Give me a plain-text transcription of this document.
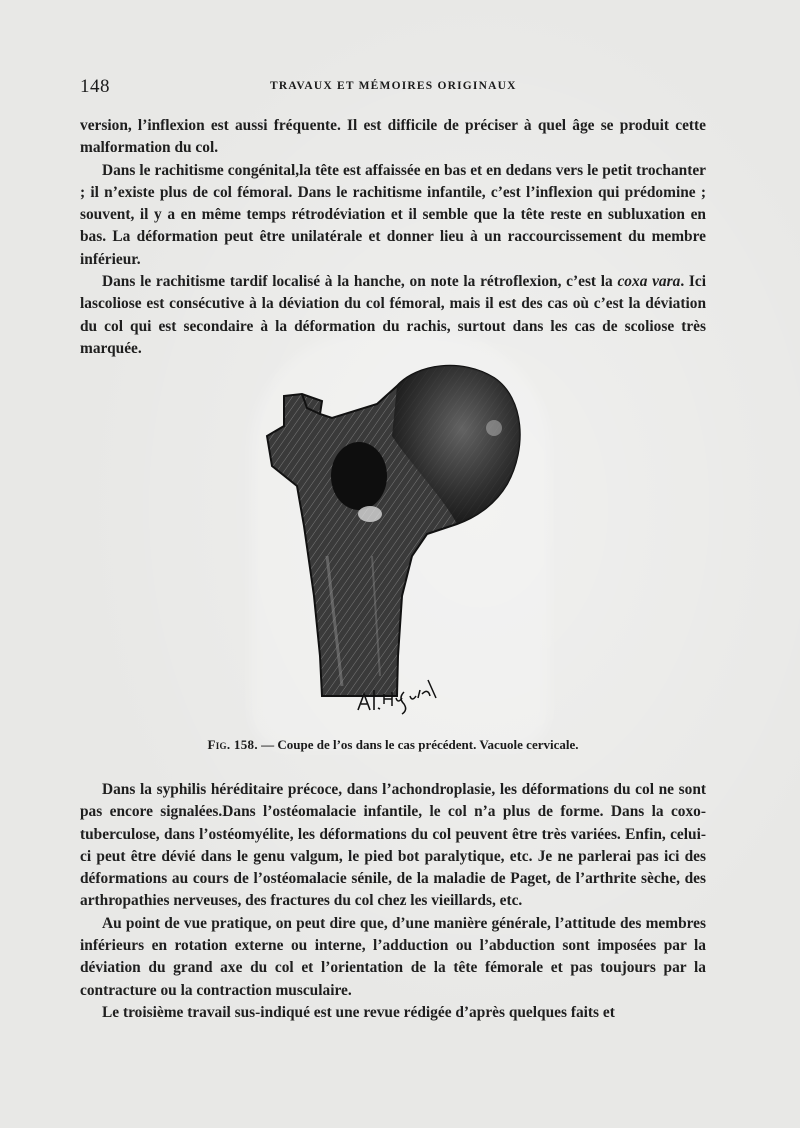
148	TRAVAUX ET MÉMOIRES ORIGINAUX

version, l’inflexion est aussi fréquente. Il est difficile de préciser à quel âge se produit cette malformation du col.

Dans le rachitisme congénital,la tête est affaissée en bas et en dedans vers le petit trochanter ; il n’existe plus de col fémoral. Dans le rachitisme infantile, c’est l’inflexion qui prédomine ; souvent, il y a en même temps rétrodéviation et il semble que la tête reste en subluxation en bas. La déformation peut être unilatérale et donner lieu à un raccourcissement du membre inférieur.

Dans le rachitisme tardif localisé à la hanche, on note la rétroflexion, c’est la coxa vara. Ici lascoliose est consécutive à la déviation du col fémoral, mais il est des cas où c’est la déviation du col qui est secondaire à la déformation du rachis, surtout dans les cas de scoliose très marquée.

Fig. 158. — Coupe de l’os dans le cas précédent. Vacuole cervicale.

Dans la syphilis héréditaire précoce, dans l’achondroplasie, les déformations du col ne sont pas encore signalées.Dans l’ostéomalacie infantile, le col n’a plus de forme. Dans la coxo-tuberculose, dans l’ostéomyélite, les déformations du col peuvent être très variées. Enfin, celui-ci peut être dévié dans le genu valgum, le pied bot paralytique, etc. Je ne parlerai pas ici des déformations au cours de l’ostéomalacie sénile, de la maladie de Paget, de l’arthrite sèche, des arthropathies nerveuses, des fractures du col chez les vieillards, etc.

Au point de vue pratique, on peut dire que, d’une manière générale, l’attitude des membres inférieurs en rotation externe ou interne, l’adduction ou l’abduction sont imposées par la déviation du grand axe du col et l’orientation de la tête fémorale et pas toujours par la contracture ou la contraction musculaire.

Le troisième travail sus-indiqué est une revue rédigée d’après quelques faits et
